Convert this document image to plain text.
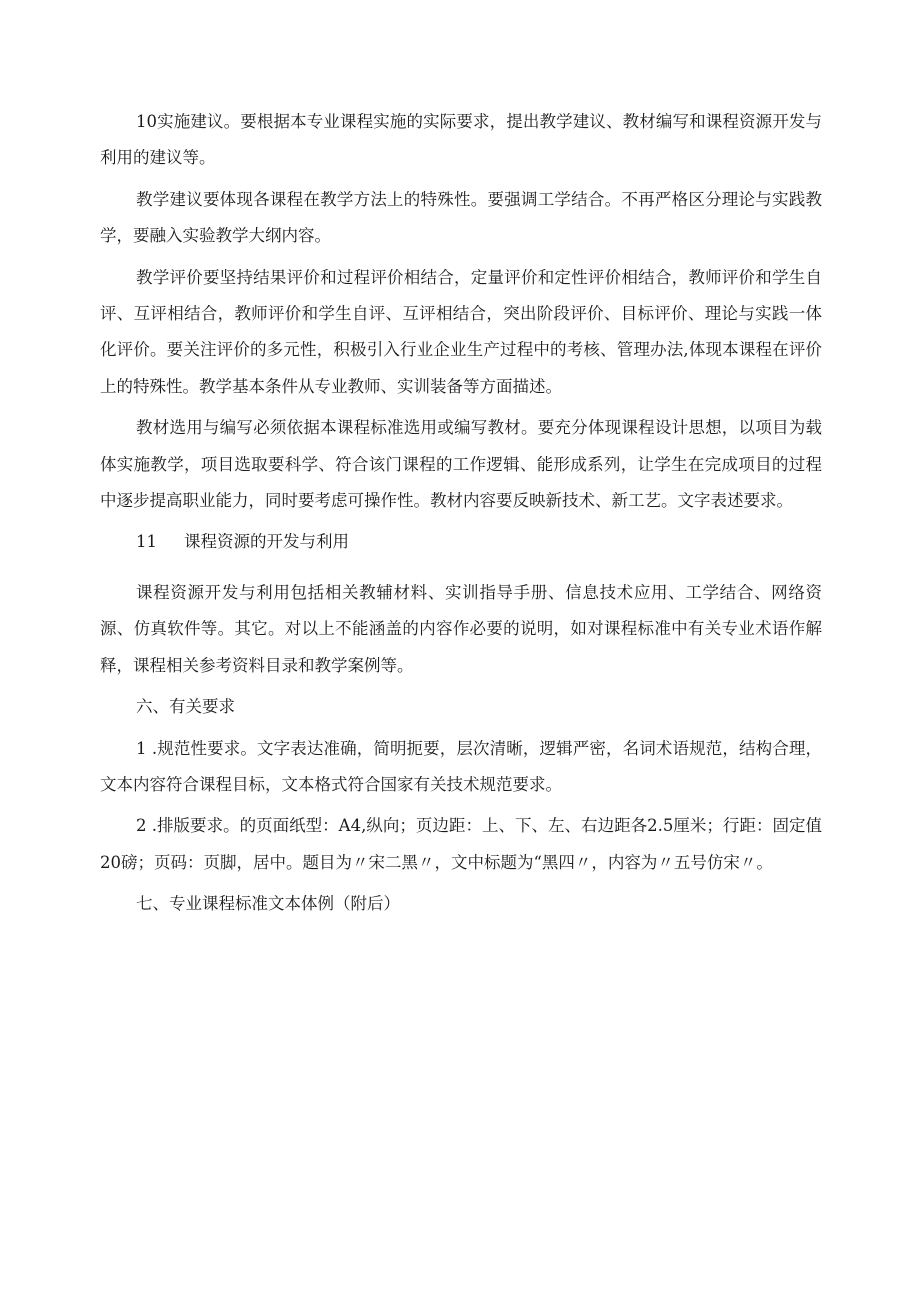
10实施建议。要根据本专业课程实施的实际要求，提出教学建议、教材编写和课程资源开发与利用的建议等。

教学建议要体现各课程在教学方法上的特殊性。要强调工学结合。不再严格区分理论与实践教学，要融入实验教学大纲内容。

教学评价要坚持结果评价和过程评价相结合，定量评价和定性评价相结合，教师评价和学生自评、互评相结合，教师评价和学生自评、互评相结合，突出阶段评价、目标评价、理论与实践一体化评价。要关注评价的多元性，积极引入行业企业生产过程中的考核、管理办法,体现本课程在评价上的特殊性。教学基本条件从专业教师、实训装备等方面描述。

教材选用与编写必须依据本课程标准选用或编写教材。要充分体现课程设计思想，以项目为载体实施教学，项目选取要科学、符合该门课程的工作逻辑、能形成系列，让学生在完成项目的过程中逐步提高职业能力，同时要考虑可操作性。教材内容要反映新技术、新工艺。文字表述要求。

11 课程资源的开发与利用

课程资源开发与利用包括相关教辅材料、实训指导手册、信息技术应用、工学结合、网络资源、仿真软件等。其它。对以上不能涵盖的内容作必要的说明，如对课程标准中有关专业术语作解释，课程相关参考资料目录和教学案例等。

六、有关要求

1 .规范性要求。文字表达准确，简明扼要，层次清晰，逻辑严密，名词术语规范，结构合理，文本内容符合课程目标，文本格式符合国家有关技术规范要求。

2 .排版要求。的页面纸型：A4,纵向；页边距：上、下、左、右边距各2.5厘米；行距：固定值20磅；页码：页脚，居中。题目为〃宋二黑〃，文中标题为“黑四〃，内容为〃五号仿宋〃。

七、专业课程标准文本体例（附后）
